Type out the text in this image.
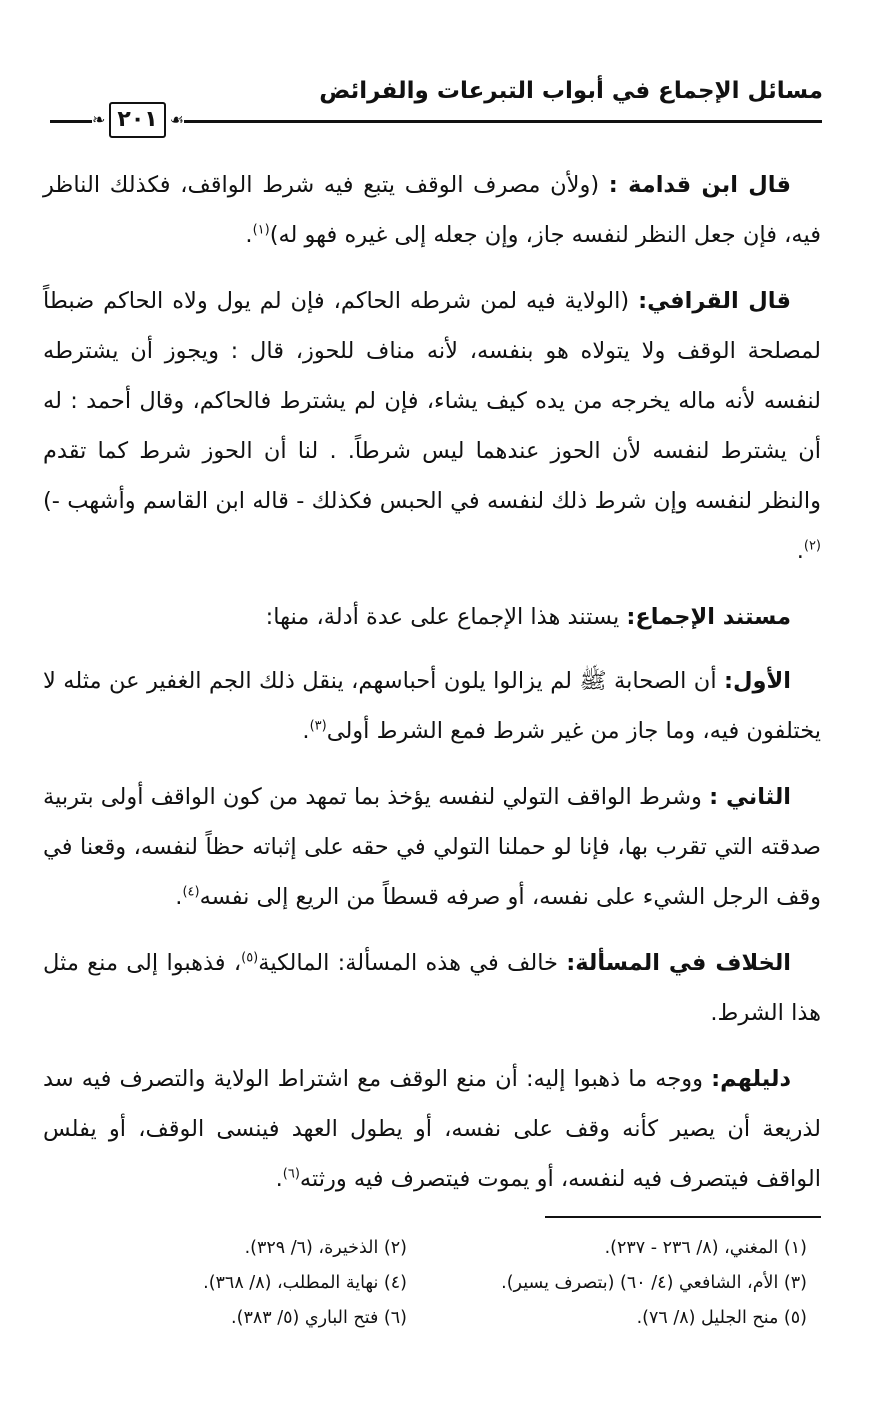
مسائل الإجماع في أبواب التبرعات والفرائض
❧ ٢٠١ ☙

قال ابن قدامة : (ولأن مصرف الوقف يتبع فيه شرط الواقف، فكذلك الناظر فيه، فإن جعل النظر لنفسه جاز، وإن جعله إلى غيره فهو له)$^{(١)}$.

قال القرافي: (الولاية فيه لمن شرطه الحاكم، فإن لم يول ولاه الحاكم ضبطاً لمصلحة الوقف ولا يتولاه هو بنفسه، لأنه مناف للحوز، قال : ويجوز أن يشترطه لنفسه لأنه ماله يخرجه من يده كيف يشاء، فإن لم يشترط فالحاكم، وقال أحمد : له أن يشترط لنفسه لأن الحوز عندهما ليس شرطاً. . لنا أن الحوز شرط كما تقدم والنظر لنفسه وإن شرط ذلك لنفسه في الحبس فكذلك - قاله ابن القاسم وأشهب -)$^{(٢)}$.

مستند الإجماع: يستند هذا الإجماع على عدة أدلة، منها:

الأول: أن الصحابة ﷺ لم يزالوا يلون أحباسهم، ينقل ذلك الجم الغفير عن مثله لا يختلفون فيه، وما جاز من غير شرط فمع الشرط أولى$^{(٣)}$.

الثاني : وشرط الواقف التولي لنفسه يؤخذ بما تمهد من كون الواقف أولى بتربية صدقته التي تقرب بها، فإنا لو حملنا التولي في حقه على إثباته حظاً لنفسه، وقعنا في وقف الرجل الشيء على نفسه، أو صرفه قسطاً من الريع إلى نفسه$^{(٤)}$.

الخلاف في المسألة: خالف في هذه المسألة: المالكية$^{(٥)}$، فذهبوا إلى منع مثل هذا الشرط.

دليلهم: ووجه ما ذهبوا إليه: أن منع الوقف مع اشتراط الولاية والتصرف فيه سد لذريعة أن يصير كأنه وقف على نفسه، أو يطول العهد فينسى الوقف، أو يفلس الواقف فيتصرف فيه لنفسه، أو يموت فيتصرف فيه ورثته$^{(٦)}$.

(١) المغني، (٨/ ٢٣٦ - ٢٣٧).
(٢) الذخيرة، (٦/ ٣٢٩).
(٣) الأم، الشافعي (٤/ ٦٠) (بتصرف يسير).
(٤) نهاية المطلب، (٨/ ٣٦٨).
(٥) منح الجليل (٨/ ٧٦).
(٦) فتح الباري (٥/ ٣٨٣).
